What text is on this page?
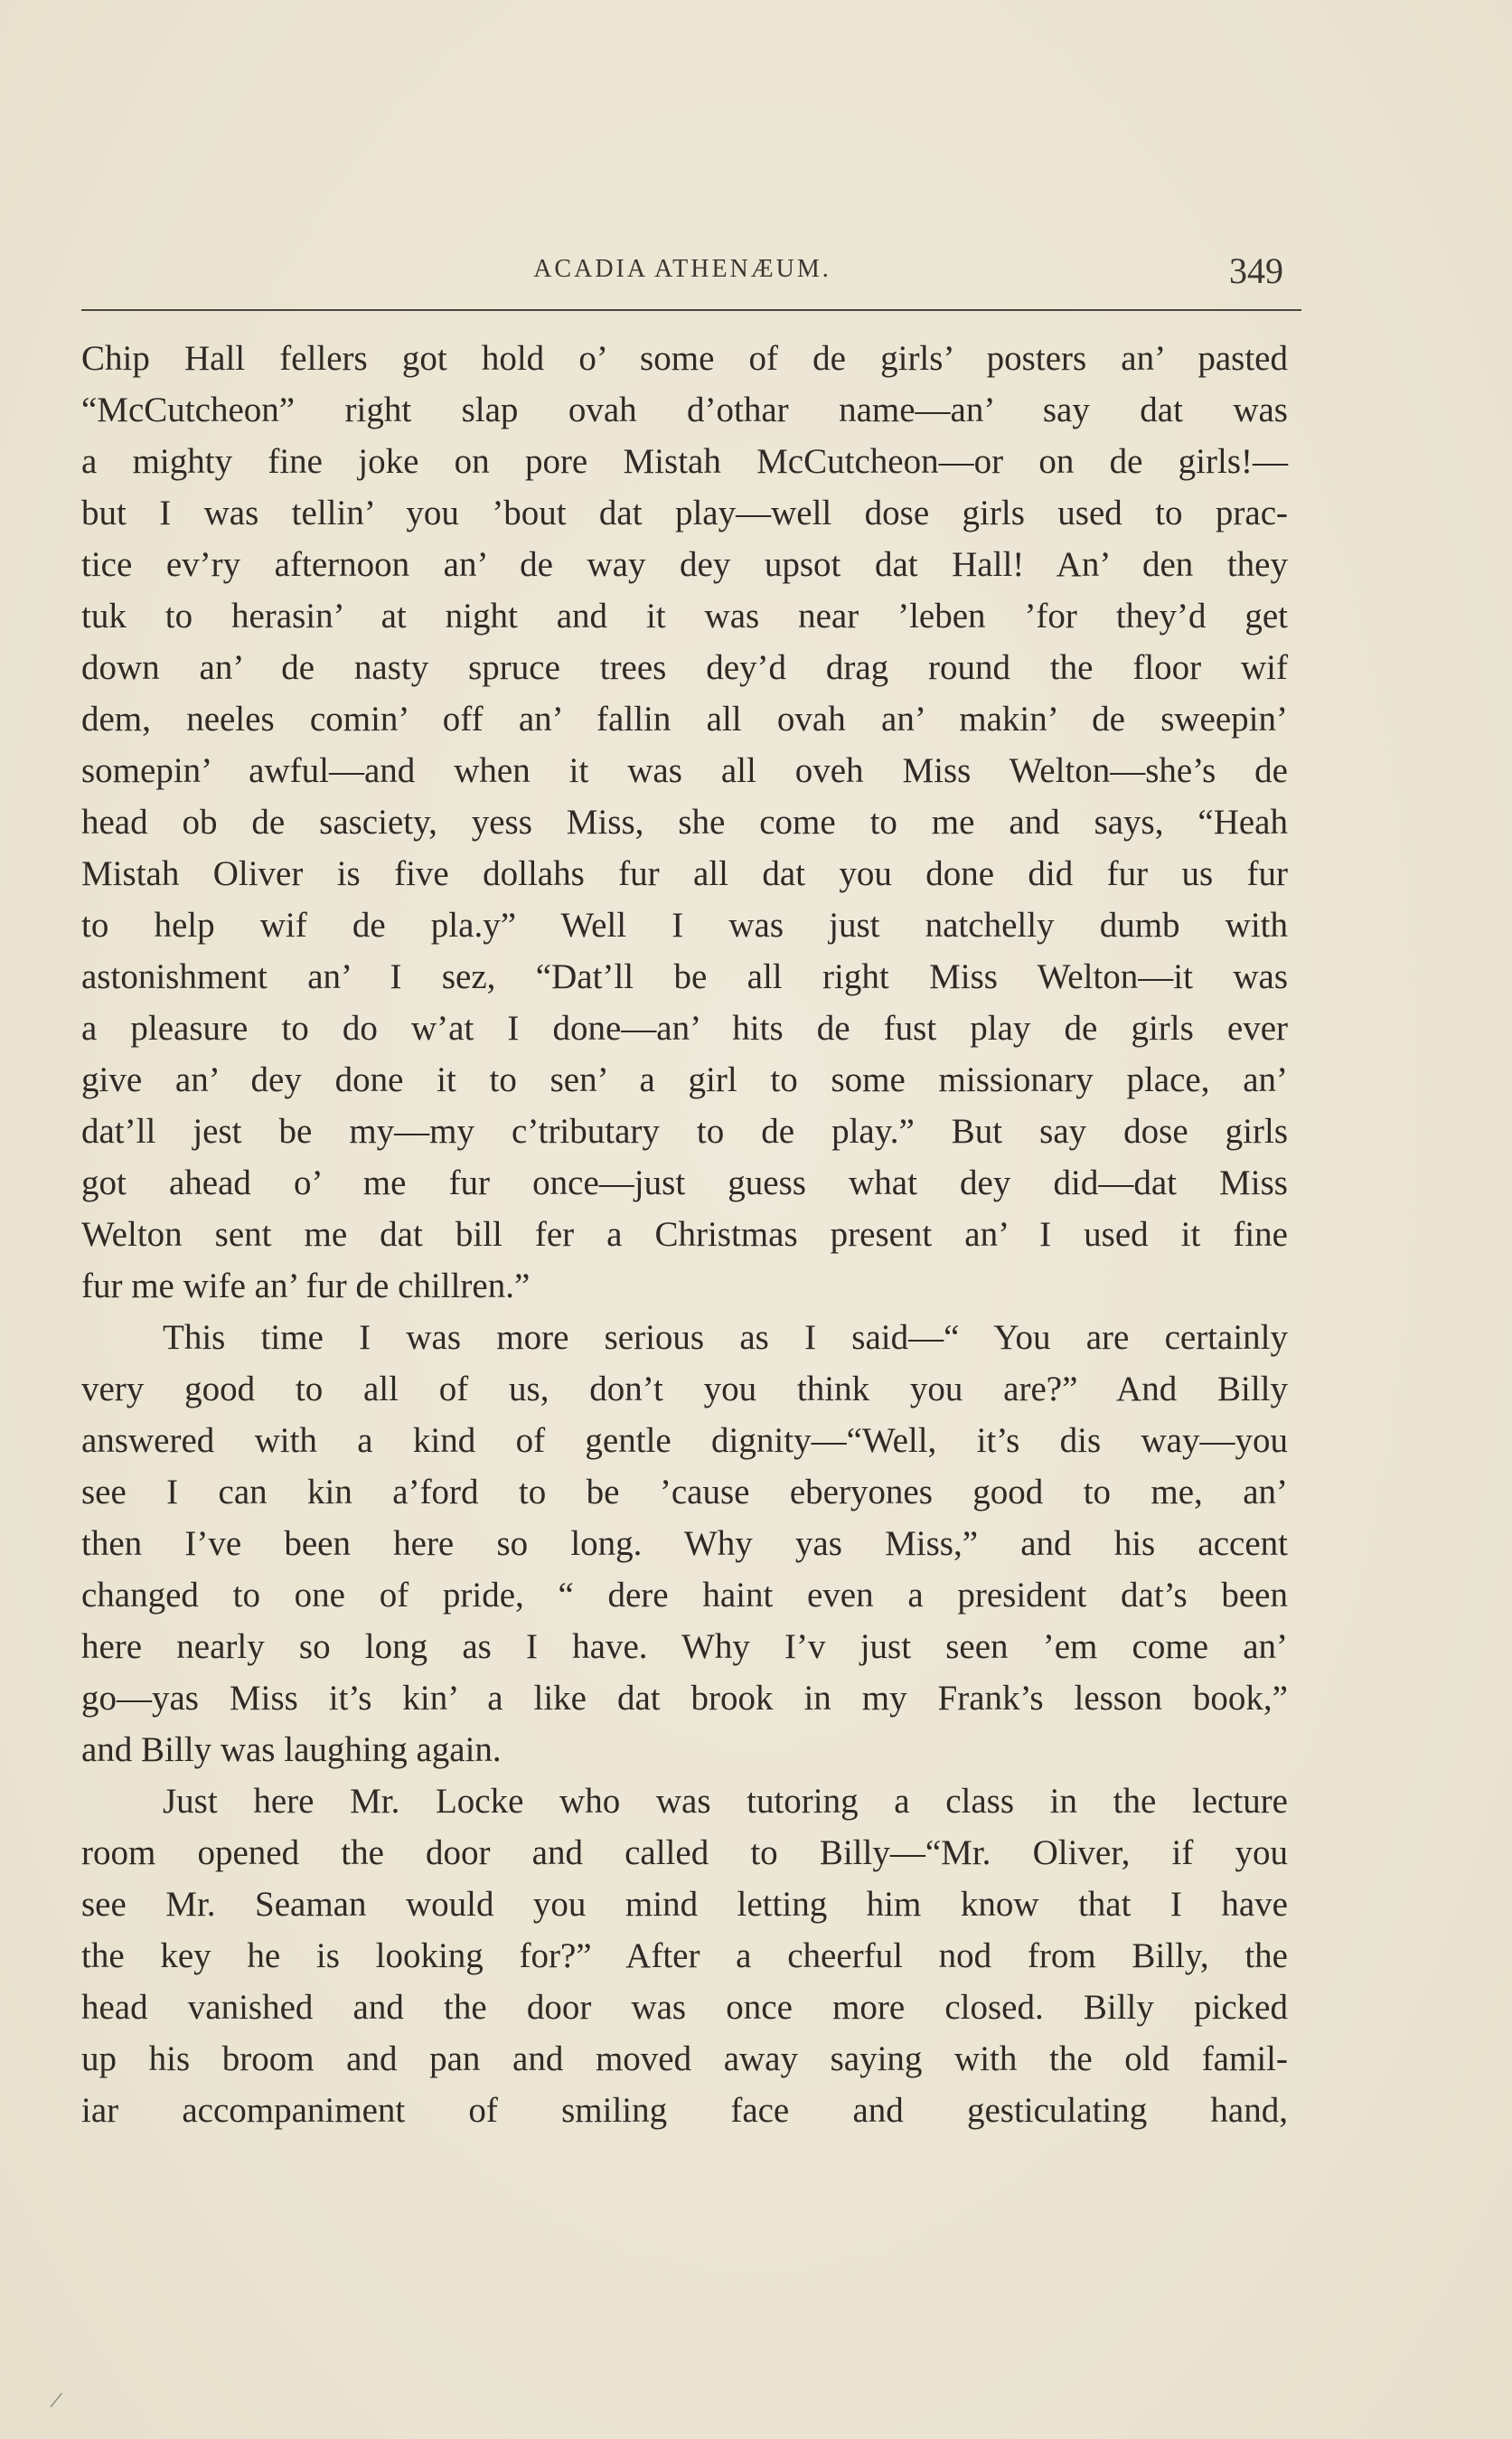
ACADIA ATHENÆUM.	349
Chip Hall fellers got hold o’ some of de girls’ posters an’ pasted
“McCutcheon” right slap ovah d’othar name—an’ say dat was
a mighty fine joke on pore Mistah McCutcheon—or on de girls!—
but I was tellin’ you ’bout dat play—well dose girls used to prac-
tice ev’ry afternoon an’ de way dey upsot dat Hall! An’ den they
tuk to herasin’ at night and it was near ’leben ’for they’d get
down an’ de nasty spruce trees dey’d drag round the floor wif
dem, neeles comin’ off an’ fallin all ovah an’ makin’ de sweepin’
somepin’ awful—and when it was all oveh Miss Welton—she’s de
head ob de sasciety, yess Miss, she come to me and says, “Heah
Mistah Oliver is five dollahs fur all dat you done did fur us fur
to help wif de pla.y” Well I was just natchelly dumb with
astonishment an’ I sez, “Dat’ll be all right Miss Welton—it was
a pleasure to do w’at I done—an’ hits de fust play de girls ever
give an’ dey done it to sen’ a girl to some missionary place, an’
dat’ll jest be my—my c’tributary to de play.” But say dose girls
got ahead o’ me fur once—just guess what dey did—dat Miss
Welton sent me dat bill fer a Christmas present an’ I used it fine
fur me wife an’ fur de chillren.”
This time I was more serious as I said—“ You are certainly
very good to all of us, don’t you think you are?” And Billy
answered with a kind of gentle dignity—“Well, it’s dis way—you
see I can kin a’ford to be ’cause eberyones good to me, an’
then I’ve been here so long. Why yas Miss,” and his accent
changed to one of pride, “ dere haint even a president dat’s been
here nearly so long as I have. Why I’v just seen ’em come an’
go—yas Miss it’s kin’ a like dat brook in my Frank’s lesson book,”
and Billy was laughing again.
Just here Mr. Locke who was tutoring a class in the lecture
room opened the door and called to Billy—“Mr. Oliver, if you
see Mr. Seaman would you mind letting him know that I have
the key he is looking for?” After a cheerful nod from Billy, the
head vanished and the door was once more closed. Billy picked
up his broom and pan and moved away saying with the old famil-
iar accompaniment of smiling face and gesticulating hand,
/
